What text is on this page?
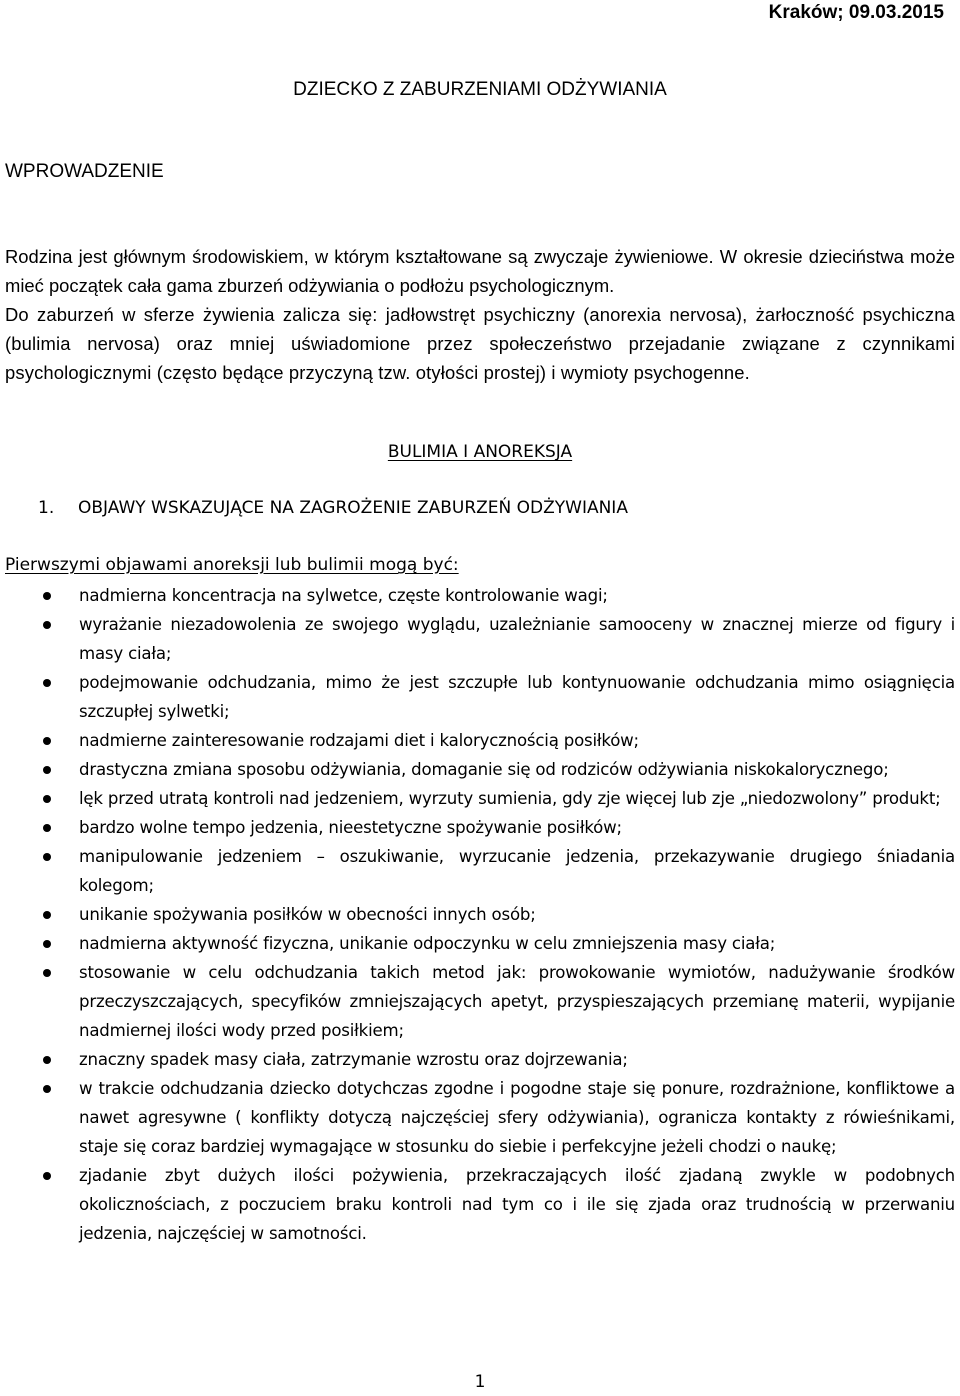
Kraków; 09.03.2015
DZIECKO Z ZABURZENIAMI ODŻYWIANIA
WPROWADZENIE

Rodzina jest głównym środowiskiem, w którym kształtowane są zwyczaje żywieniowe. W okresie dzieciństwa może mieć początek cała gama zburzeń odżywiania o podłożu psychologicznym.

Do zaburzeń w sferze żywienia zalicza się: jadłowstręt psychiczny (anorexia nervosa), żarłoczność psychiczna (bulimia nervosa) oraz mniej uświadomione przez społeczeństwo przejadanie związane z czynnikami psychologicznymi (często będące przyczyną tzw. otyłości prostej) i wymioty psychogenne.

BULIMIA I ANOREKSJA
1. OBJAWY WSKAZUJĄCE NA ZAGROŻENIE ZABURZEŃ ODŻYWIANIA
Pierwszymi objawami anoreksji lub bulimii mogą być:
nadmierna koncentracja na sylwetce, częste kontrolowanie wagi;
wyrażanie niezadowolenia ze swojego wyglądu, uzależnianie samooceny w znacznej mierze od figury i masy ciała;
podejmowanie odchudzania, mimo że jest szczupłe lub kontynuowanie odchudzania mimo osiągnięcia szczupłej sylwetki;
nadmierne zainteresowanie rodzajami diet i kalorycznością posiłków;
drastyczna zmiana sposobu odżywiania, domaganie się od rodziców odżywiania niskokalorycznego;
lęk przed utratą kontroli nad jedzeniem, wyrzuty sumienia, gdy zje więcej lub zje „niedozwolony” produkt;
bardzo wolne tempo jedzenia, nieestetyczne spożywanie posiłków;
manipulowanie jedzeniem – oszukiwanie, wyrzucanie jedzenia, przekazywanie drugiego śniadania kolegom;
unikanie spożywania posiłków w obecności innych osób;
nadmierna aktywność fizyczna, unikanie odpoczynku w celu zmniejszenia masy ciała;
stosowanie w celu odchudzania takich metod jak: prowokowanie wymiotów, nadużywanie środków przeczyszczających, specyfików zmniejszających apetyt, przyspieszających przemianę materii, wypijanie nadmiernej ilości wody przed posiłkiem;
znaczny spadek masy ciała, zatrzymanie wzrostu oraz dojrzewania;
w trakcie odchudzania dziecko dotychczas zgodne i pogodne staje się ponure, rozdrażnione, konfliktowe a nawet agresywne ( konflikty dotyczą najczęściej sfery odżywiania), ogranicza kontakty z rówieśnikami, staje się coraz bardziej wymagające w stosunku do siebie i perfekcyjne jeżeli chodzi o naukę;
zjadanie zbyt dużych ilości pożywienia, przekraczających ilość zjadaną zwykle w podobnych okolicznościach, z poczuciem braku kontroli nad tym co i ile się zjada oraz trudnością w przerwaniu jedzenia, najczęściej w samotności.
1
